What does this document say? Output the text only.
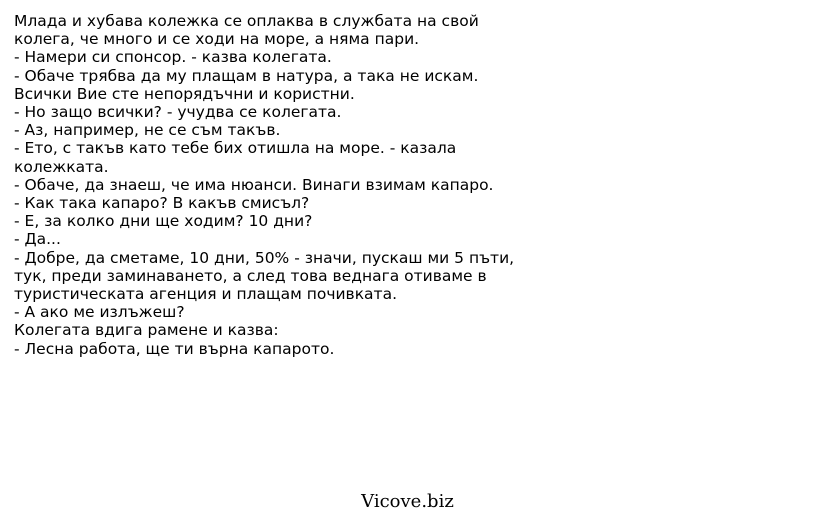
Млада и хубава колежка се оплаква в службата на свой
колега, че много и се ходи на море, а няма пари.
- Намери си спонсор. - казва колегата.
- Обаче трябва да му плащам в натура, а така не искам.
Всички Вие сте непорядъчни и користни.
- Но защо всички? - учудва се колегата.
- Аз, например, не се съм такъв.
- Ето, с такъв като тебе бих отишла на море. - казала
колежката.
- Обаче, да знаеш, че има нюанси. Винаги взимам капаро.
- Как така капаро? В какъв смисъл?
- Е, за колко дни ще ходим? 10 дни?
- Да...
- Добре, да сметаме, 10 дни, 50% - значи, пускаш ми 5 пъти,
тук, преди заминаването, а след това веднага отиваме в
туристическата агенция и плащам почивката.
- А ако ме излъжеш?
Колегата вдига рамене и казва:
- Лесна работа, ще ти върна капарото.
Vicove.biz
